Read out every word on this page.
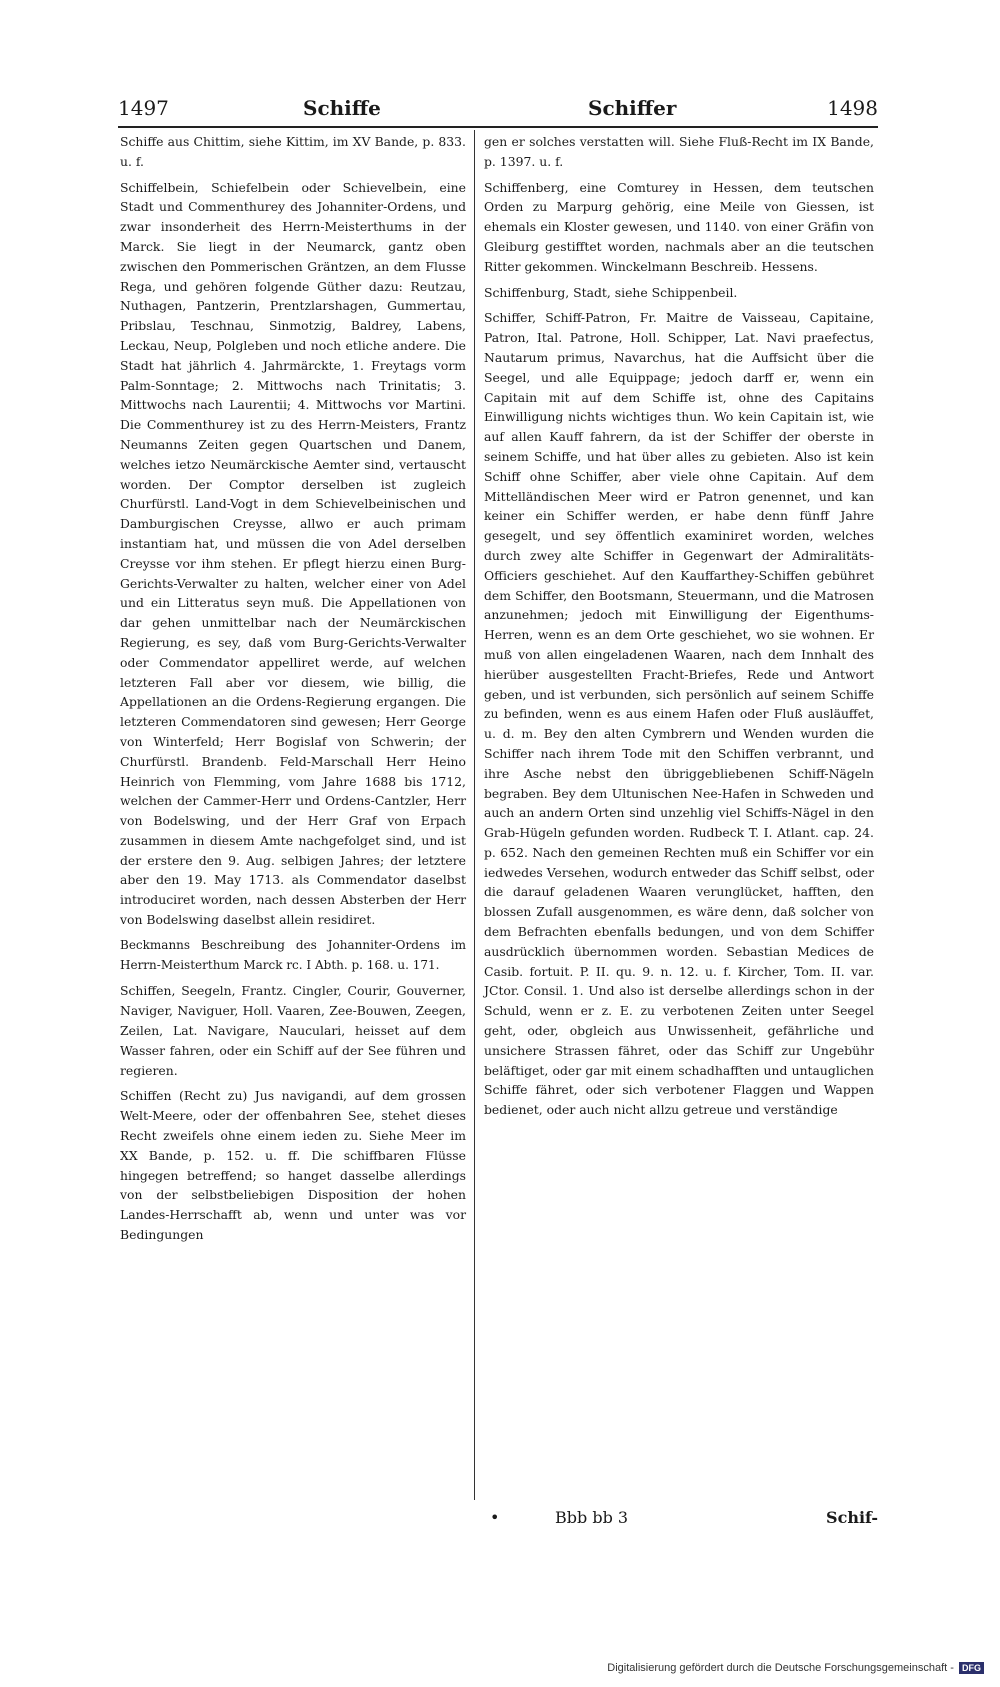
1497	Schiffe	Schiffer	1498

Schiffe aus Chittim, siehe Kittim, im XV Bande, p. 833. u. f.

Schiffelbein, Schiefelbein oder Schievelbein, eine Stadt und Commenthurey des Johanniter-Ordens, und zwar insonderheit des Herrn-Meisterthums in der Marck. Sie liegt in der Neumarck, gantz oben zwischen den Pommerischen Gräntzen, an dem Flusse Rega, und gehören folgende Güther dazu: Reutzau, Nuthagen, Pantzerin, Prentzlarshagen, Gummertau, Pribslau, Teschnau, Sinmotzig, Baldrey, Labens, Leckau, Neup, Polgleben und noch etliche andere. Die Stadt hat jährlich 4. Jahrmärckte, 1. Freytags vorm Palm-Sonntage; 2. Mittwochs nach Trinitatis; 3. Mittwochs nach Laurentii; 4. Mittwochs vor Martini. Die Commenthurey ist zu des Herrn-Meisters, Frantz Neumanns Zeiten gegen Quartschen und Danem, welches ietzo Neumärckische Aemter sind, vertauscht worden. Der Comptor derselben ist zugleich Churfürstl. Land-Vogt in dem Schievelbeinischen und Damburgischen Creysse, allwo er auch primam instantiam hat, und müssen die von Adel derselben Creysse vor ihm stehen. Er pflegt hierzu einen Burg-Gerichts-Verwalter zu halten, welcher einer von Adel und ein Litteratus seyn muß. Die Appellationen von dar gehen unmittelbar nach der Neumärckischen Regierung, es sey, daß vom Burg-Gerichts-Verwalter oder Commendator appelliret werde, auf welchen letzteren Fall aber vor diesem, wie billig, die Appellationen an die Ordens-Regierung ergangen. Die letzteren Commendatoren sind gewesen; Herr George von Winterfeld; Herr Bogislaf von Schwerin; der Churfürstl. Brandenb. Feld-Marschall Herr Heino Heinrich von Flemming, vom Jahre 1688 bis 1712, welchen der Cammer-Herr und Ordens-Cantzler, Herr von Bodelswing, und der Herr Graf von Erpach zusammen in diesem Amte nachgefolget sind, und ist der erstere den 9. Aug. selbigen Jahres; der letztere aber den 19. May 1713. als Commendator daselbst introduciret worden, nach dessen Absterben der Herr von Bodelswing daselbst allein residiret.

Beckmanns Beschreibung des Johanniter-Ordens im Herrn-Meisterthum Marck rc. I Abth. p. 168. u. 171.

Schiffen, Seegeln, Frantz. Cingler, Courir, Gouverner, Naviger, Naviguer, Holl. Vaaren, Zee-Bouwen, Zeegen, Zeilen, Lat. Navigare, Nauculari, heisset auf dem Wasser fahren, oder ein Schiff auf der See führen und regieren.

Schiffen (Recht zu) Jus navigandi, auf dem grossen Welt-Meere, oder der offenbahren See, stehet dieses Recht zweifels ohne einem ieden zu. Siehe Meer im XX Bande, p. 152. u. ff. Die schiffbaren Flüsse hingegen betreffend; so hanget dasselbe allerdings von der selbstbeliebigen Disposition der hohen Landes-Herrschafft ab, wenn und unter was vor Bedingungen

gen er solches verstatten will. Siehe Fluß-Recht im IX Bande, p. 1397. u. f.

Schiffenberg, eine Comturey in Hessen, dem teutschen Orden zu Marpurg gehörig, eine Meile von Giessen, ist ehemals ein Kloster gewesen, und 1140. von einer Gräfin von Gleiburg gestifftet worden, nachmals aber an die teutschen Ritter gekommen. Winckelmann Beschreib. Hessens.

Schiffenburg, Stadt, siehe Schippenbeil.

Schiffer, Schiff-Patron, Fr. Maitre de Vaisseau, Capitaine, Patron, Ital. Patrone, Holl. Schipper, Lat. Navi praefectus, Nautarum primus, Navarchus, hat die Auffsicht über die Seegel, und alle Equippage; jedoch darff er, wenn ein Capitain mit auf dem Schiffe ist, ohne des Capitains Einwilligung nichts wichtiges thun. Wo kein Capitain ist, wie auf allen Kauff fahrern, da ist der Schiffer der oberste in seinem Schiffe, und hat über alles zu gebieten. Also ist kein Schiff ohne Schiffer, aber viele ohne Capitain. Auf dem Mittelländischen Meer wird er Patron genennet, und kan keiner ein Schiffer werden, er habe denn fünff Jahre gesegelt, und sey öffentlich examiniret worden, welches durch zwey alte Schiffer in Gegenwart der Admiralitäts-Officiers geschiehet. Auf den Kauffarthey-Schiffen gebühret dem Schiffer, den Bootsmann, Steuermann, und die Matrosen anzunehmen; jedoch mit Einwilligung der Eigenthums-Herren, wenn es an dem Orte geschiehet, wo sie wohnen. Er muß von allen eingeladenen Waaren, nach dem Innhalt des hierüber ausgestellten Fracht-Briefes, Rede und Antwort geben, und ist verbunden, sich persönlich auf seinem Schiffe zu befinden, wenn es aus einem Hafen oder Fluß ausläuffet, u. d. m. Bey den alten Cymbrern und Wenden wurden die Schiffer nach ihrem Tode mit den Schiffen verbrannt, und ihre Asche nebst den übriggebliebenen Schiff-Nägeln begraben. Bey dem Ultunischen Nee-Hafen in Schweden und auch an andern Orten sind unzehlig viel Schiffs-Nägel in den Grab-Hügeln gefunden worden. Rudbeck T. I. Atlant. cap. 24. p. 652. Nach den gemeinen Rechten muß ein Schiffer vor ein iedwedes Versehen, wodurch entweder das Schiff selbst, oder die darauf geladenen Waaren verunglücket, hafften, den blossen Zufall ausgenommen, es wäre denn, daß solcher von dem Befrachten ebenfalls bedungen, und von dem Schiffer ausdrücklich übernommen worden. Sebastian Medices de Casib. fortuit. P. II. qu. 9. n. 12. u. f. Kircher, Tom. II. var. JCtor. Consil. 1. Und also ist derselbe allerdings schon in der Schuld, wenn er z. E. zu verbotenen Zeiten unter Seegel geht, oder, obgleich aus Unwissenheit, gefährliche und unsichere Strassen fähret, oder das Schiff zur Ungebühr beläftiget, oder gar mit einem schadhafften und untauglichen Schiffe fähret, oder sich verbotener Flaggen und Wappen bedienet, oder auch nicht allzu getreue und verständige

•	Bbb bb 3	Schif-
Digitalisierung gefördert durch die Deutsche Forschungsgemeinschaft - DFG
